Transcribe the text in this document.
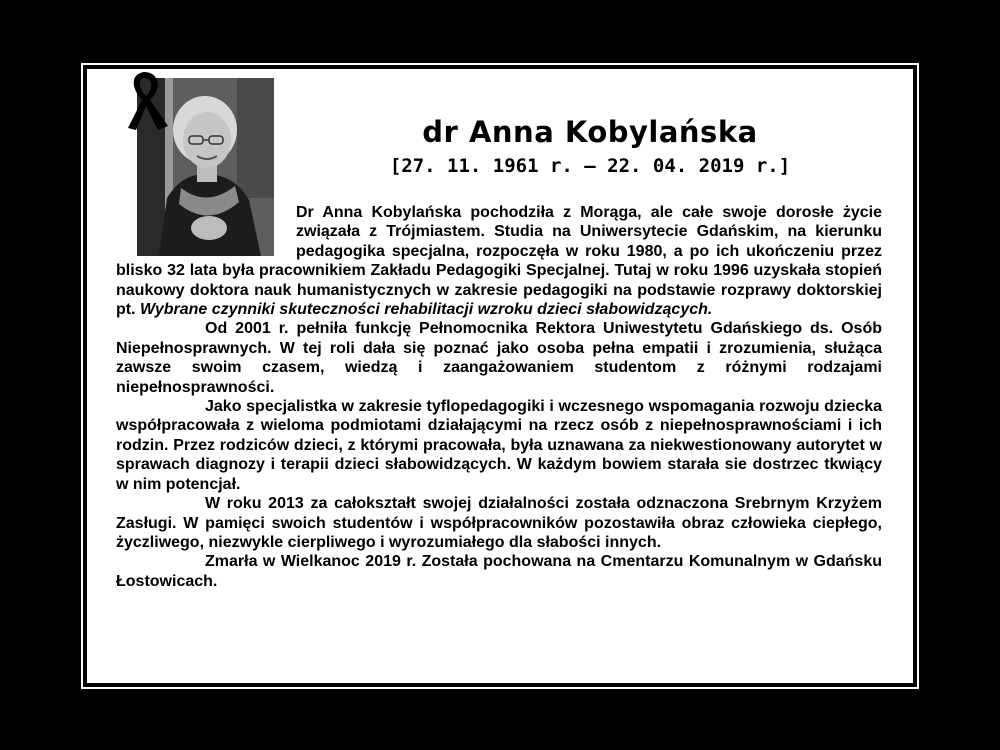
dr Anna Kobylańska
[27. 11. 1961 r. – 22. 04. 2019 r.]

Dr Anna Kobylańska pochodziła z Morąga, ale całe swoje dorosłe życie związała z Trójmiastem. Studia na Uniwersytecie Gdańskim, na kierunku pedagogika specjalna, rozpoczęła w roku 1980, a po ich ukończeniu przez blisko 32 lata była pracownikiem Zakładu Pedagogiki Specjalnej. Tutaj w roku 1996 uzyskała stopień naukowy doktora nauk humanistycznych w zakresie pedagogiki na podstawie rozprawy doktorskiej pt. Wybrane czynniki skuteczności rehabilitacji wzroku dzieci słabowidzących.

Od 2001 r. pełniła funkcję Pełnomocnika Rektora Uniwestytetu Gdańskiego ds. Osób Niepełnosprawnych. W tej roli dała się poznać jako osoba pełna empatii i zrozumienia, służąca zawsze swoim czasem, wiedzą i zaangażowaniem studentom z różnymi rodzajami niepełnosprawności.

Jako specjalistka w zakresie tyflopedagogiki i wczesnego wspomagania rozwoju dziecka współpracowała z wieloma podmiotami działającymi na rzecz osób z niepełnosprawnościami i ich rodzin. Przez rodziców dzieci, z którymi pracowała, była uznawana za niekwestionowany autorytet w sprawach diagnozy i terapii dzieci słabowidzących. W każdym bowiem starała sie dostrzec tkwiący w nim potencjał.

W roku 2013 za całokształt swojej działalności została odznaczona Srebrnym Krzyżem Zasługi. W pamięci swoich studentów i współpracowników pozostawiła obraz człowieka ciepłego, życzliwego, niezwykle cierpliwego i wyrozumiałego dla słabości innych.

Zmarła w Wielkanoc 2019 r. Została pochowana na Cmentarzu Komunalnym w Gdańsku Łostowicach.
